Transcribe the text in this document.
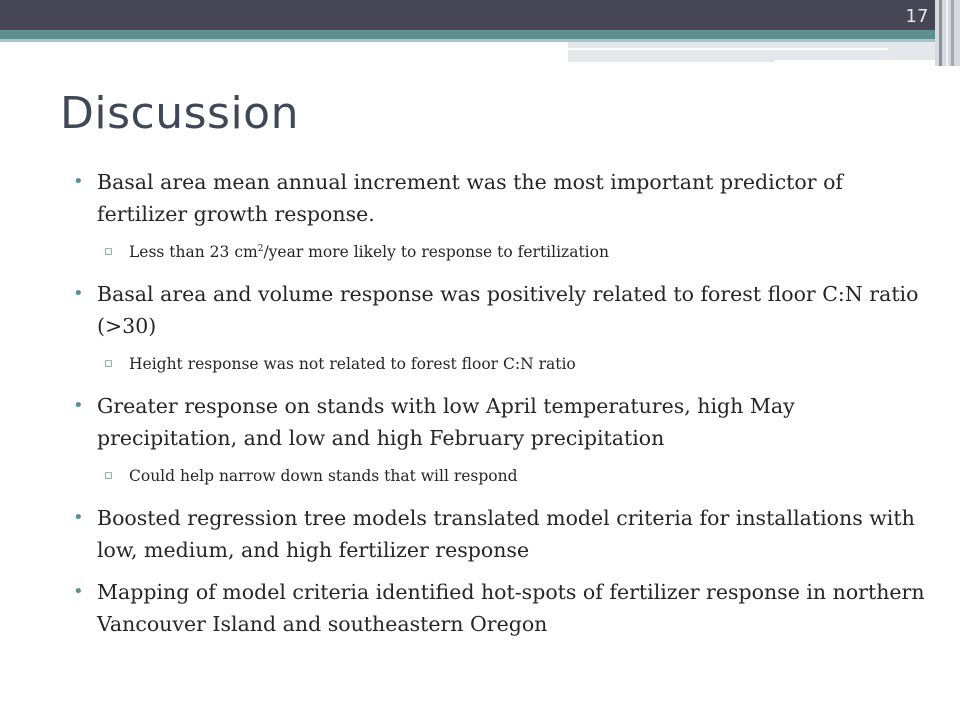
17
Discussion
• Basal area mean annual increment was the most important predictor of fertilizer growth response.
▫ Less than 23 $cm^2$/year more likely to response to fertilization
• Basal area and volume response was positively related to forest floor C:N ratio (>30)
▫ Height response was not related to forest floor C:N ratio
• Greater response on stands with low April temperatures, high May precipitation, and low and high February precipitation
▫ Could help narrow down stands that will respond
• Boosted regression tree models translated model criteria for installations with low, medium, and high fertilizer response
• Mapping of model criteria identified hot-spots of fertilizer response in northern Vancouver Island and southeastern Oregon
